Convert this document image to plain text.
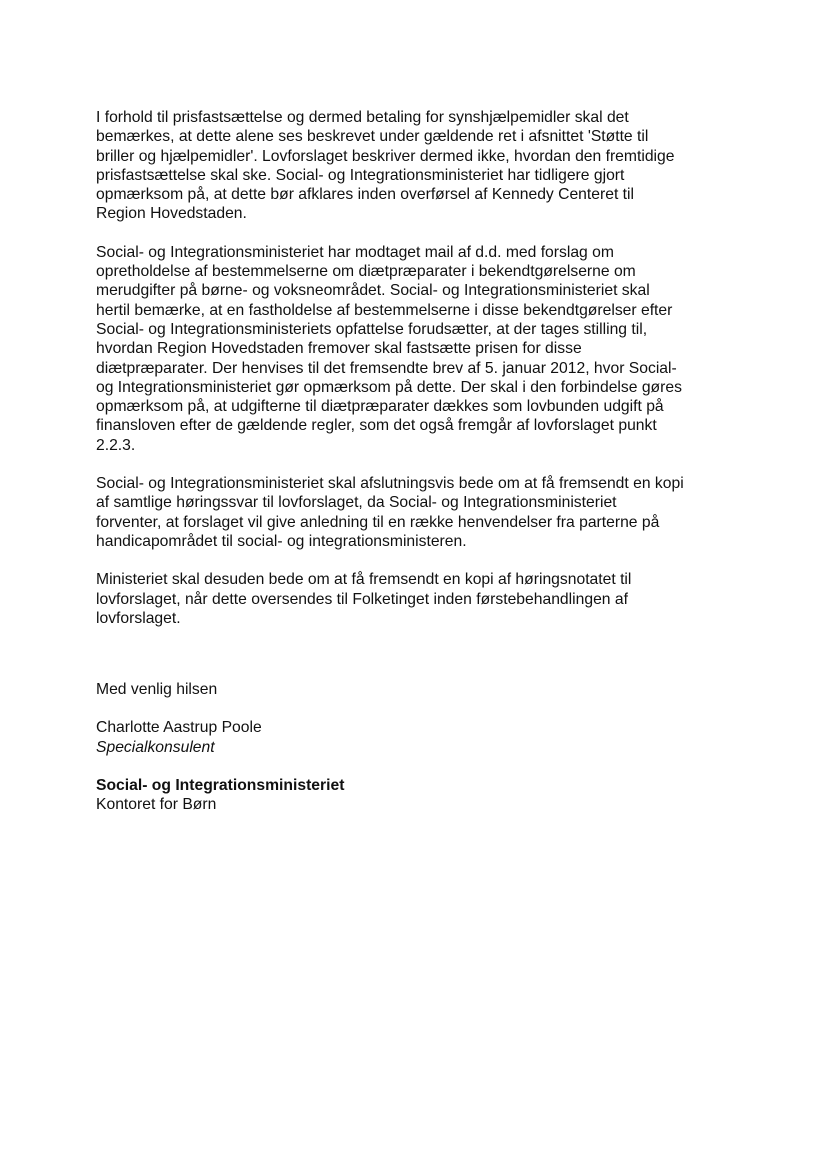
I forhold til prisfastsættelse og dermed betaling for synshjælpemidler skal det
bemærkes, at dette alene ses beskrevet under gældende ret i afsnittet 'Støtte til
briller og hjælpemidler'. Lovforslaget beskriver dermed ikke, hvordan den fremtidige
prisfastsættelse skal ske. Social- og Integrationsministeriet har tidligere gjort
opmærksom på, at dette bør afklares inden overførsel af Kennedy Centeret til
Region Hovedstaden.

Social- og Integrationsministeriet har modtaget mail af d.d. med forslag om
opretholdelse af bestemmelserne om diætpræparater i bekendtgørelserne om
merudgifter på børne- og voksneområdet. Social- og Integrationsministeriet skal
hertil bemærke, at en fastholdelse af bestemmelserne i disse bekendtgørelser efter
Social- og Integrationsministeriets opfattelse forudsætter, at der tages stilling til,
hvordan Region Hovedstaden fremover skal fastsætte prisen for disse
diætpræparater. Der henvises til det fremsendte brev af 5. januar 2012, hvor Social-
og Integrationsministeriet gør opmærksom på dette. Der skal i den forbindelse gøres
opmærksom på, at udgifterne til diætpræparater dækkes som lovbunden udgift på
finansloven efter de gældende regler, som det også fremgår af lovforslaget punkt
2.2.3.

Social- og Integrationsministeriet skal afslutningsvis bede om at få fremsendt en kopi
af samtlige høringssvar til lovforslaget, da Social- og Integrationsministeriet
forventer, at forslaget vil give anledning til en række henvendelser fra parterne på
handicapområdet til social- og integrationsministeren.

Ministeriet skal desuden bede om at få fremsendt en kopi af høringsnotatet til
lovforslaget, når dette oversendes til Folketinget inden førstebehandlingen af
lovforslaget.

Med venlig hilsen
Charlotte Aastrup Poole
Specialkonsulent
Social- og Integrationsministeriet
Kontoret for Børn
